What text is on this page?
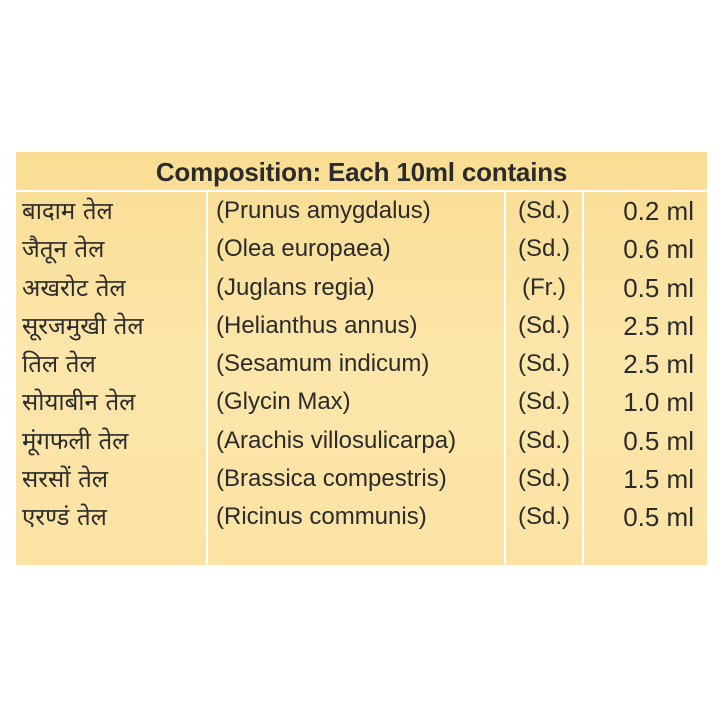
Composition: Each 10ml contains
बादाम तेल	(Prunus amygdalus)	(Sd.) 0.2 ml
जैतून तेल	(Olea europaea)	(Sd.) 0.6 ml
अखरोट तेल	(Juglans regia)	(Fr.) 0.5 ml
सूरजमुखी तेल	(Helianthus annus)	(Sd.) 2.5 ml
तिल तेल	(Sesamum indicum)	(Sd.) 2.5 ml
सोयाबीन तेल	(Glycin Max)	(Sd.) 1.0 ml
मूंगफली तेल	(Arachis villosulicarpa)	(Sd.) 0.5 ml
सरसों तेल	(Brassica compestris)	(Sd.) 1.5 ml
एरण्डं तेल	(Ricinus communis)	(Sd.) 0.5 ml
